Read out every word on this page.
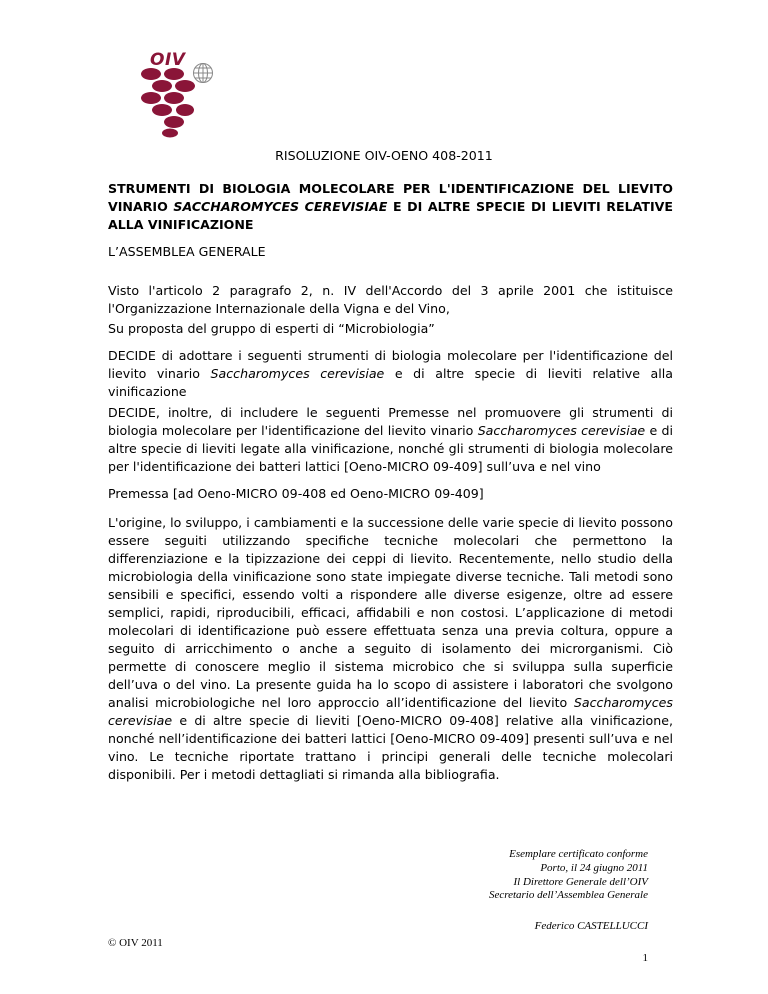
OIV
RISOLUZIONE OIV-OENO 408-2011
STRUMENTI DI BIOLOGIA MOLECOLARE PER L'IDENTIFICAZIONE DEL LIEVITO VINARIO SACCHAROMYCES CEREVISIAE E DI ALTRE SPECIE DI LIEVITI RELATIVE ALLA VINIFICAZIONE
L’ASSEMBLEA GENERALE
Visto l'articolo 2 paragrafo 2, n. IV dell'Accordo del 3 aprile 2001 che istituisce l'Organizzazione Internazionale della Vigna e del Vino,
Su proposta del gruppo di esperti di “Microbiologia”
DECIDE di adottare i seguenti strumenti di biologia molecolare per l'identificazione del lievito vinario Saccharomyces cerevisiae e di altre specie di lieviti relative alla vinificazione
DECIDE, inoltre, di includere le seguenti Premesse nel promuovere gli strumenti di biologia molecolare per l'identificazione del lievito vinario Saccharomyces cerevisiae e di altre specie di lieviti legate alla vinificazione, nonché gli strumenti di biologia molecolare per l'identificazione dei batteri lattici [Oeno-MICRO 09-409] sull’uva e nel vino
Premessa [ad Oeno-MICRO 09-408 ed Oeno-MICRO 09-409]
L'origine, lo sviluppo, i cambiamenti e la successione delle varie specie di lievito possono essere seguiti utilizzando specifiche tecniche molecolari che permettono la differenziazione e la tipizzazione dei ceppi di lievito. Recentemente, nello studio della microbiologia della vinificazione sono state impiegate diverse tecniche. Tali metodi sono sensibili e specifici, essendo volti a rispondere alle diverse esigenze, oltre ad essere semplici, rapidi, riproducibili, efficaci, affidabili e non costosi. L’applicazione di metodi molecolari di identificazione può essere effettuata senza una previa coltura, oppure a seguito di arricchimento o anche a seguito di isolamento dei microrganismi. Ciò permette di conoscere meglio il sistema microbico che si sviluppa sulla superficie dell’uva o del vino. La presente guida ha lo scopo di assistere i laboratori che svolgono analisi microbiologiche nel loro approccio all’identificazione del lievito Saccharomyces cerevisiae e di altre specie di lieviti [Oeno-MICRO 09-408] relative alla vinificazione, nonché nell’identificazione dei batteri lattici [Oeno-MICRO 09-409] presenti sull’uva e nel vino. Le tecniche riportate trattano i principi generali delle tecniche molecolari disponibili. Per i metodi dettagliati si rimanda alla bibliografia.
Esemplare certificato conforme
Porto, il 24 giugno 2011
Il Direttore Generale dell’OIV
Secretario dell’Assemblea Generale
Federico CASTELLUCCI
© OIV 2011
1
